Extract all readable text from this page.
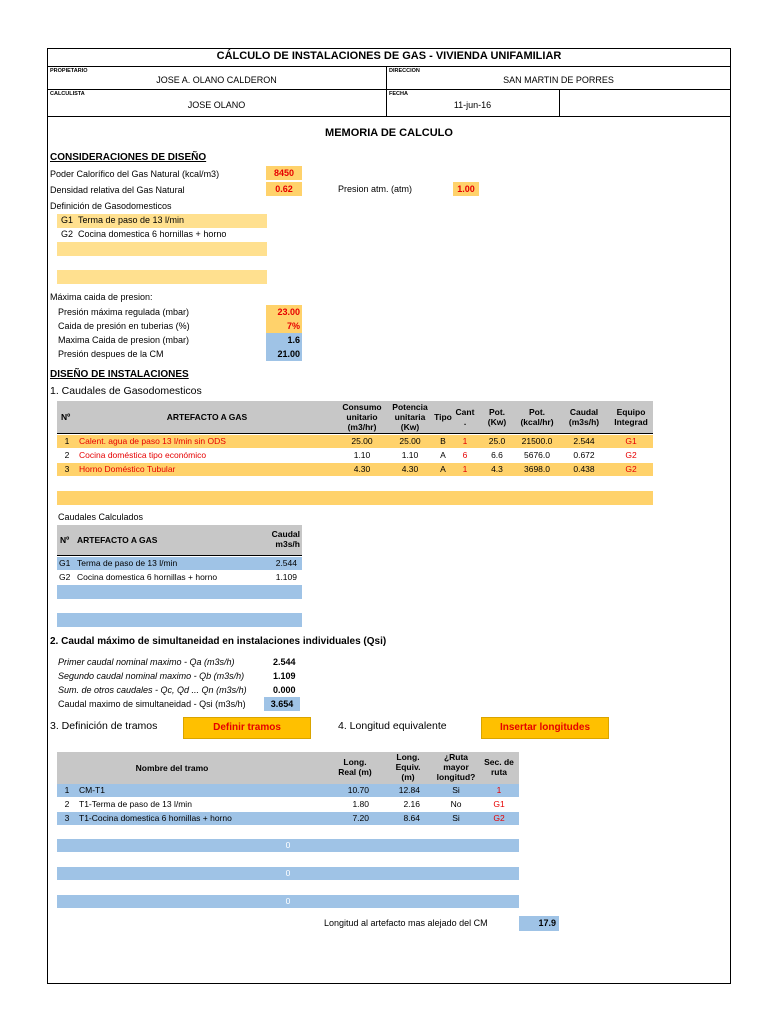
CÁLCULO DE INSTALACIONES DE GAS - VIVIENDA UNIFAMILIAR
PROPIETARIO
JOSE A. OLANO CALDERON
DIRECCION
SAN MARTIN DE PORRES
CALCULISTA
JOSE OLANO
FECHA
11-jun-16
MEMORIA DE CALCULO
CONSIDERACIONES DE DISEÑO
Poder Calorífico del Gas Natural (kcal/m3)	8450
Densidad relativa del Gas Natural	0.62	Presion atm. (atm)	1.00
Definición de Gasodomesticos
G1 Terma de paso de 13 l/min
G2 Cocina domestica 6 hornillas + horno
Máxima caida de presion:
Presión máxima regulada (mbar)	23.00
Caida de presión en tuberias (%)	7%
Maxima Caida de presion (mbar)	1.6
Presión despues de la CM	21.00
DISEÑO DE INSTALACIONES
1. Caudales de Gasodomesticos
Nº	ARTEFACTO A GAS
Consumo unitario (m3/hr)
Potencia unitaria (Kw)
Tipo Cant .
Pot. (Kw)
Pot. (kcal/hr)
Caudal (m3s/h)
Equipo Integrad
1	Calent. agua de paso 13 l/min sin ODS	25.00	25.00	B	1	25.0	21500.0	2.544	G1
2	Cocina doméstica tipo económico	1.10	1.10	A	6	6.6	5676.0	0.672	G2
3	Horno Doméstico Tubular	4.30	4.30	A	1	4.3	3698.0	0.438	G2
Caudales Calculados
Nº ARTEFACTO A GAS
Caudal m3s/h
G1 Terma de paso de 13 l/min	2.544
G2 Cocina domestica 6 hornillas + horno	1.109
2. Caudal máximo de simultaneidad en instalaciones individuales (Qsi)
Primer caudal nominal maximo - Qa (m3s/h)	2.544
Segundo caudal nominal maximo - Qb (m3s/h)	1.109
Sum. de otros caudales - Qc, Qd ... Qn (m3s/h)	0.000
Caudal maximo de simultaneidad - Qsi (m3s/h)	3.654
3. Definición de tramos	Definir tramos	4. Longitud equivalente	Insertar longitudes
Nombre del tramo
Long. Real (m)
Long. Equiv. (m)
¿Ruta mayor longitud?
Sec. de ruta
1	CM-T1	10.70	12.84	Si	1
2	T1-Terma de paso de 13 l/min	1.80	2.16	No	G1
3	T1-Cocina domestica 6 hornillas + horno	7.20	8.64	Si	G2
0
0
0
Longitud al artefacto mas alejado del CM	17.9
